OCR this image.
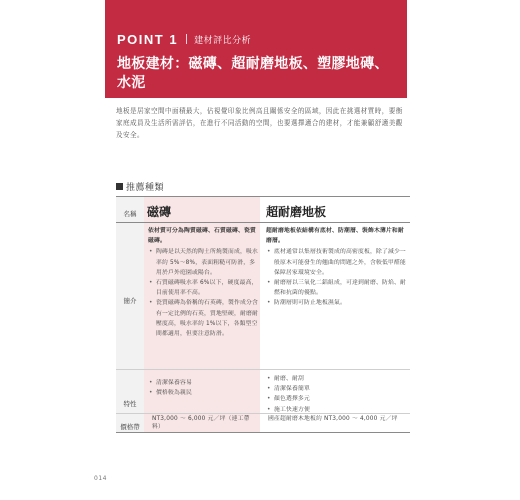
POINT 1 建材評比分析
地板建材：磁磚、超耐磨地板、塑膠地磚、水泥

地板是居家空間中面積最大，佔視覺印象比例高且關係安全的區域，因此在挑選材質時，要衡家庭成員及生活所需評估，在進行不同活動的空間，也要選擇適合的建材，才能兼顧舒適美觀及安全。

推薦種類
名稱
簡介
特性
價格帶
磁磚	超耐磨地板
依材質可分為陶質磁磚、石質磁磚、瓷質磁磚。
• 陶磚是以天然的陶土所燒製而成，吸水率約 5%～8%，表面粗糙可防滑，多用於戶外庭園或陽台。
• 石質磁磚吸水率 6%以下，硬度最高，目前使用率不高。
• 瓷質磁磚為俗稱的石英磚，製作成分含有一定比例的石英，質地堅硬，耐磨耐壓度高，吸水率約 1%以下，各類型空間都適用，但要注意防滑。
超耐磨地板依結構有底材、防潮層、裝飾木薄片和耐磨層。
• 底材通常以集層技術製成的高密度板，除了減少一般原木可能發生的翹曲的問題之外，含較低甲醛能保障居家環境安全。
• 耐磨層以三氧化二鋁組成，可達到耐磨、防焰、耐燃和抗菌的優點。
• 防潮層則可防止地板濕氣。
• 清潔保養容易
• 價格較為親民
• 耐磨、耐刮
• 清潔保養簡單
• 顏色選擇多元
• 施工快速方便
NT3,000 ～ 6,000 元／坪（連工帶料）
國產超耐磨木地板約 NT3,000 ～ 4,000 元／坪
014
